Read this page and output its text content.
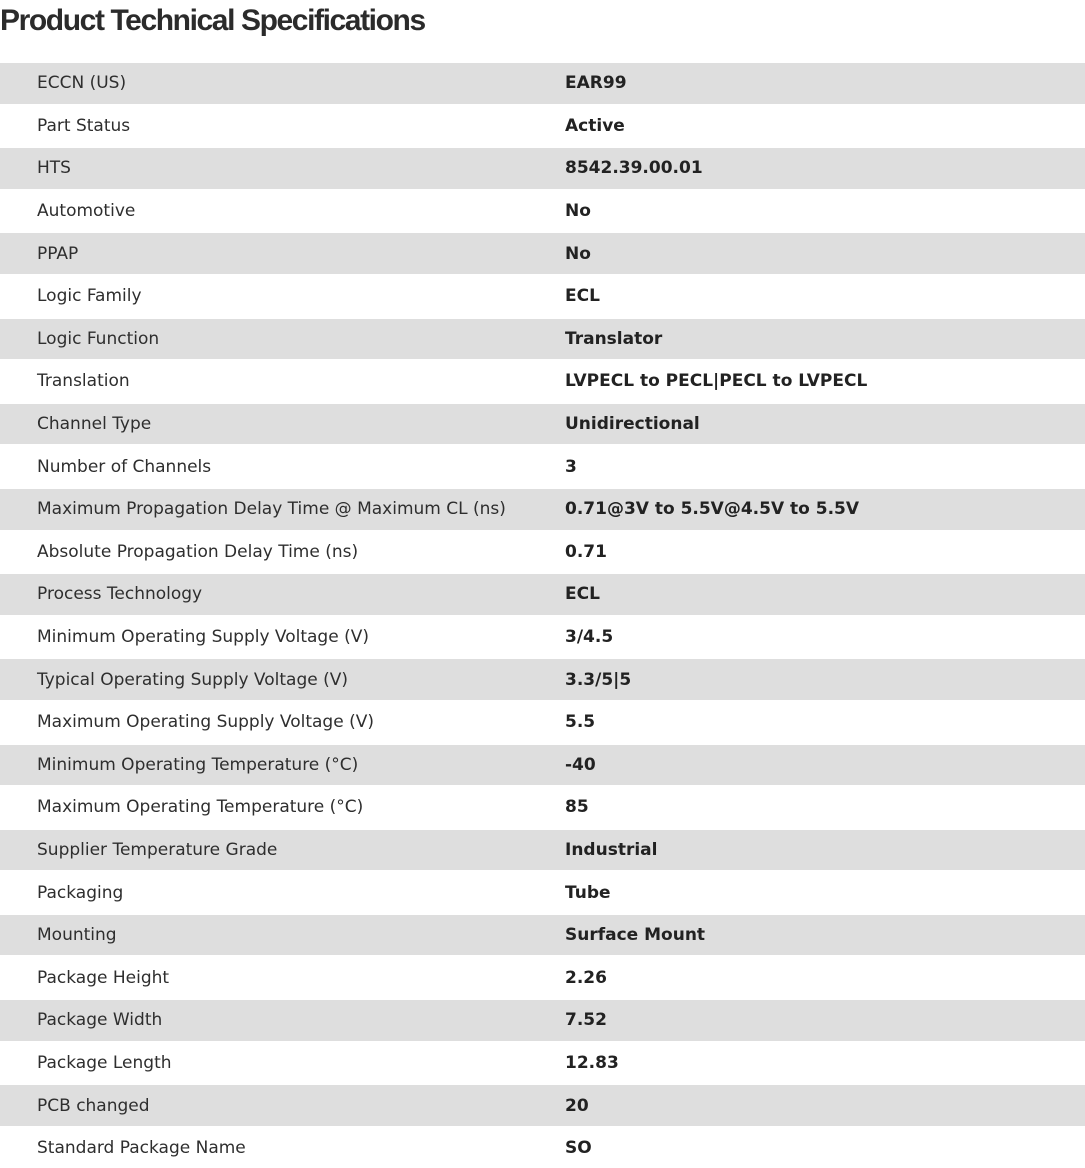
Product Technical Specifications
ECCN (US)	EAR99
Part Status	Active
HTS	8542.39.00.01
Automotive	No
PPAP	No
Logic Family	ECL
Logic Function	Translator
Translation	LVPECL to PECL|PECL to LVPECL
Channel Type	Unidirectional
Number of Channels	3
Maximum Propagation Delay Time @ Maximum CL (ns)	0.71@3V to 5.5V@4.5V to 5.5V
Absolute Propagation Delay Time (ns)	0.71
Process Technology	ECL
Minimum Operating Supply Voltage (V)	3/4.5
Typical Operating Supply Voltage (V)	3.3/5|5
Maximum Operating Supply Voltage (V)	5.5
Minimum Operating Temperature (°C)	-40
Maximum Operating Temperature (°C)	85
Supplier Temperature Grade	Industrial
Packaging	Tube
Mounting	Surface Mount
Package Height	2.26
Package Width	7.52
Package Length	12.83
PCB changed	20
Standard Package Name	SO
